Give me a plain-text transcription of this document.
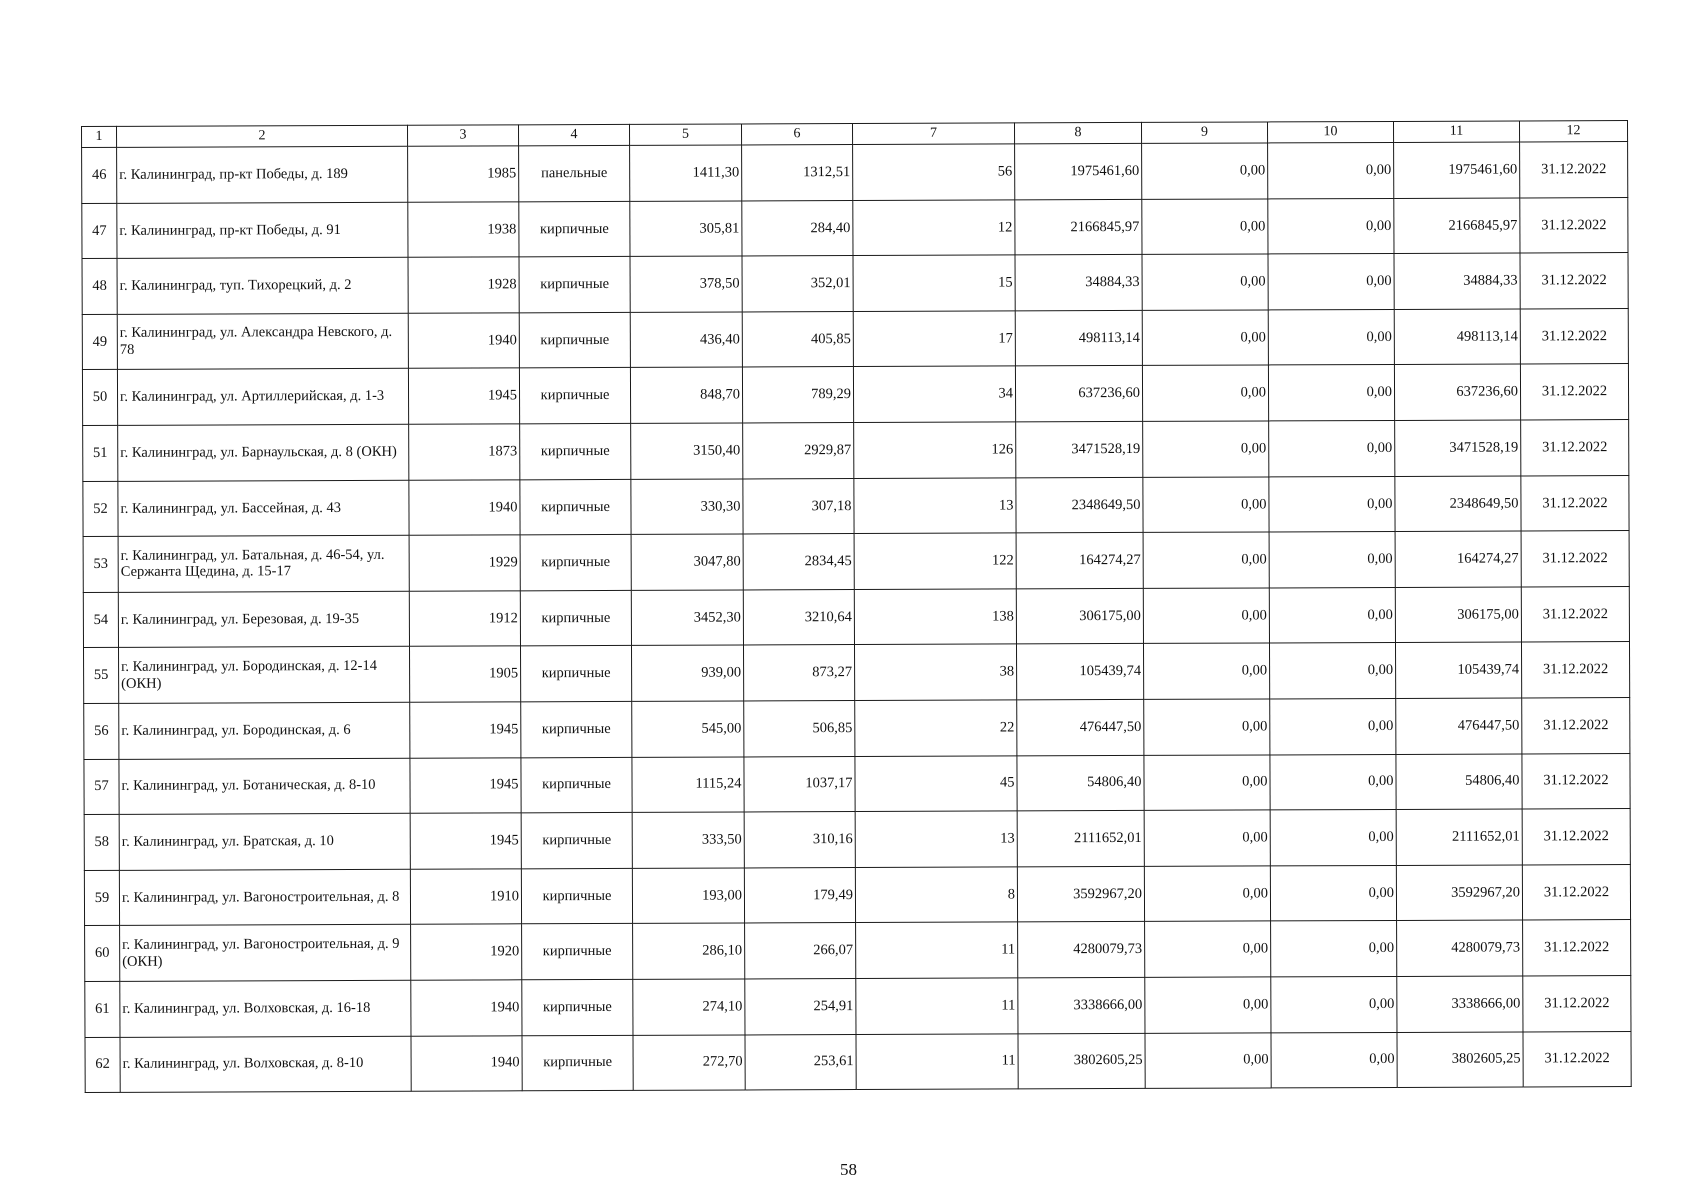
1	2	3	4	5	6	7	8	9	10	11	12
46	г. Калининград, пр-кт Победы, д. 189	1985	панельные	1411,30	1312,51	56	1975461,60	0,00	0,00	1975461,60	31.12.2022
47	г. Калининград, пр-кт Победы, д. 91	1938	кирпичные	305,81	284,40	12	2166845,97	0,00	0,00	2166845,97	31.12.2022
48	г. Калининград, туп. Тихорецкий, д. 2	1928	кирпичные	378,50	352,01	15	34884,33	0,00	0,00	34884,33	31.12.2022
49	г. Калининград, ул. Александра Невского, д. 78	1940	кирпичные	436,40	405,85	17	498113,14	0,00	0,00	498113,14	31.12.2022
50	г. Калининград, ул. Артиллерийская, д. 1-3	1945	кирпичные	848,70	789,29	34	637236,60	0,00	0,00	637236,60	31.12.2022
51	г. Калининград, ул. Барнаульская, д. 8 (ОКН)	1873	кирпичные	3150,40	2929,87	126	3471528,19	0,00	0,00	3471528,19	31.12.2022
52	г. Калининград, ул. Бассейная, д. 43	1940	кирпичные	330,30	307,18	13	2348649,50	0,00	0,00	2348649,50	31.12.2022
53	г. Калининград, ул. Батальная, д. 46-54, ул. Сержанта Щедина, д. 15-17	1929	кирпичные	3047,80	2834,45	122	164274,27	0,00	0,00	164274,27	31.12.2022
54	г. Калининград, ул. Березовая, д. 19-35	1912	кирпичные	3452,30	3210,64	138	306175,00	0,00	0,00	306175,00	31.12.2022
55	г. Калининград, ул. Бородинская, д. 12-14 (ОКН)	1905	кирпичные	939,00	873,27	38	105439,74	0,00	0,00	105439,74	31.12.2022
56	г. Калининград, ул. Бородинская, д. 6	1945	кирпичные	545,00	506,85	22	476447,50	0,00	0,00	476447,50	31.12.2022
57	г. Калининград, ул. Ботаническая, д. 8-10	1945	кирпичные	1115,24	1037,17	45	54806,40	0,00	0,00	54806,40	31.12.2022
58	г. Калининград, ул. Братская, д. 10	1945	кирпичные	333,50	310,16	13	2111652,01	0,00	0,00	2111652,01	31.12.2022
59	г. Калининград, ул. Вагоностроительная, д. 8	1910	кирпичные	193,00	179,49	8	3592967,20	0,00	0,00	3592967,20	31.12.2022
60	г. Калининград, ул. Вагоностроительная, д. 9 (ОКН)	1920	кирпичные	286,10	266,07	11	4280079,73	0,00	0,00	4280079,73	31.12.2022
61	г. Калининград, ул. Волховская, д. 16-18	1940	кирпичные	274,10	254,91	11	3338666,00	0,00	0,00	3338666,00	31.12.2022
62	г. Калининград, ул. Волховская, д. 8-10	1940	кирпичные	272,70	253,61	11	3802605,25	0,00	0,00	3802605,25	31.12.2022
58
